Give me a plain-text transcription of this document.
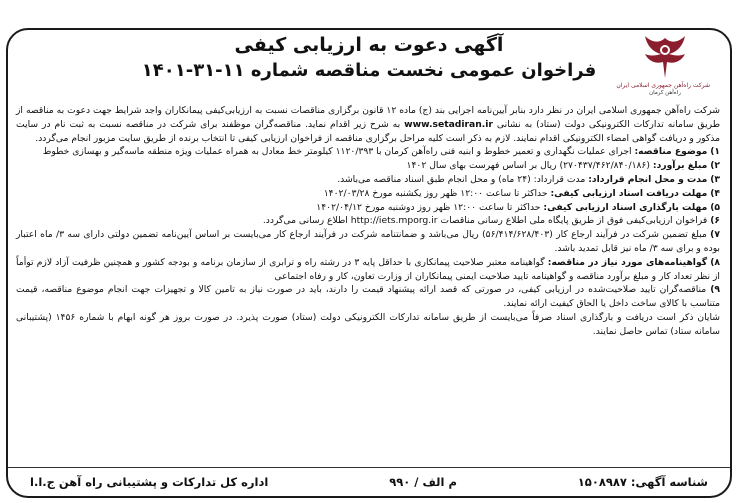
شرکت راه‌آهن جمهوری اسلامی ایران
راه‌آهن کرمان
آگهی دعوت به ارزیابی کیفی
فراخوان عمومی نخست مناقصه شماره ۱۱-۳۱-۱۴۰۱

شرکت راه‌آهن جمهوری اسلامی ایران در نظر دارد بنابر آیین‌نامه اجرایی بند (ج) ماده ۱۲ قانون برگزاری مناقصات نسبت به ارزیابی‌کیفی پیمانکاران واجد شرایط جهت دعوت به مناقصه از طریق سامانه تدارکات الکترونیکی دولت (ستاد) به نشانی www.setadiran.ir به شرح زیر اقدام نماید. مناقصه‌گران موظفند برای شرکت در مناقصه نسبت به ثبت نام در سایت مذکور و دریافت گواهی امضاء الکترونیکی اقدام نمایند. لازم به ذکر است کلیه مراحل برگزاری مناقصه از فراخوان ارزیابی کیفی تا انتخاب برنده از طریق سایت مزبور انجام می‌گردد.

۱) موضوع مناقصه: اجرای عملیات نگهداری و تعمیر خطوط و ابنیه فنی راه‌آهن کرمان با ۱۱۲۰/۳۹۳ کیلومتر خط معادل به همراه عملیات ویژه منطقه ماسه‌گیر و بهسازی خطوط

۲) مبلغ برآورد: (۲۷۰۴۳۷/۴۶۲/۸۴۰/۱۸۶) ریال بر اساس فهرست بهای سال ۱۴۰۲

۳) مدت و محل انجام قرارداد: مدت قرارداد: (۲۴ ماه) و محل انجام طبق اسناد مناقصه می‌باشد.

۴) مهلت دریافت اسناد ارزیابی کیفی: حداکثر تا ساعت ۱۲:۰۰ ظهر روز یکشنبه مورخ ۱۴۰۲/۰۳/۲۸

۵) مهلت بارگذاری اسناد ارزیابی کیفی: حداکثر تا ساعت ۱۲:۰۰ ظهر روز دوشنبه مورخ ۱۴۰۲/۰۴/۱۲

۶) فراخوان ارزیابی‌کیفی فوق از طریق پایگاه ملی اطلاع رسانی مناقصات http://iets.mporg.ir اطلاع رسانی می‌گردد.

۷) مبلغ تضمین شرکت در فرآیند ارجاع کار (۵۶/۴۱۴/۶۲۸/۴۰۳) ریال می‌باشد و ضمانتنامه شرکت در فرآیند ارجاع کار می‌بایست بر اساس آیین‌نامه تضمین دولتی دارای سه ۳/ ماه اعتبار بوده و برای سه ۳/ ماه نیز قابل تمدید باشد.

۸) گواهینامه‌های مورد نیاز در مناقصه: گواهینامه معتبر صلاحیت پیمانکاری با حداقل پایه ۳ در رشته راه و ترابری از سازمان برنامه و بودجه کشور و همچنین ظرفیت آزاد لازم توأماً از نظر تعداد کار و مبلغ برآورد مناقصه و گواهینامه تایید صلاحیت ایمنی پیمانکاران از وزارت تعاون، کار و رفاه اجتماعی

۹) مناقصه‌گران تایید صلاحیت‌شده در ارزیابی کیفی، در صورتی که قصد ارائه پیشنهاد قیمت را دارند، باید در صورت نیاز به تامین کالا و تجهیزات جهت انجام موضوع مناقصه، قیمت متناسب با کالای ساخت داخل یا الحاق کیفیت ارائه نمایند.

شایان ذکر است دریافت و بارگذاری اسناد صرفاً می‌بایست از طریق سامانه تدارکات الکترونیکی دولت (ستاد) صورت پذیرد. در صورت بروز هر گونه ابهام با شماره ۱۴۵۶ (پشتیبانی سامانه ستاد) تماس حاصل نمایند.

شناسه آگهی: ۱۵۰۸۹۸۷
م الف / ۹۹۰
اداره کل تدارکات و پشتیبانی راه آهن ج.ا.ا
